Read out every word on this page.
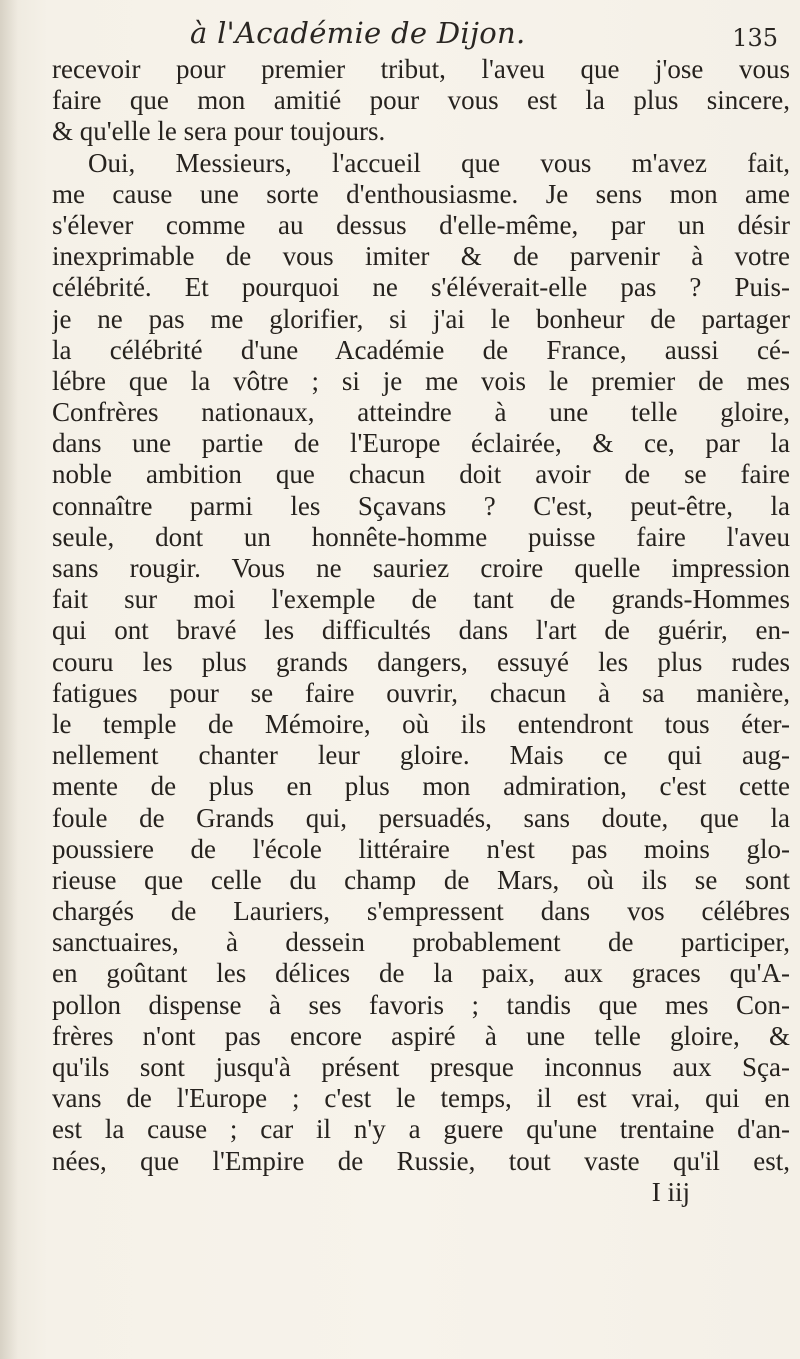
à l'Académie de Dijon.	135
recevoir pour premier tribut, l'aveu que j'ose vous
faire que mon amitié pour vous est la plus sincere,
& qu'elle le sera pour toujours.
Oui, Messieurs, l'accueil que vous m'avez fait,
me cause une sorte d'enthousiasme. Je sens mon ame
s'élever comme au dessus d'elle-même, par un désir
inexprimable de vous imiter & de parvenir à votre
célébrité. Et pourquoi ne s'éléverait-elle pas ? Puis-
je ne pas me glorifier, si j'ai le bonheur de partager
la célébrité d'une Académie de France, aussi cé-
lébre que la vôtre ; si je me vois le premier de mes
Confrères nationaux, atteindre à une telle gloire,
dans une partie de l'Europe éclairée, & ce, par la
noble ambition que chacun doit avoir de se faire
connaître parmi les Sçavans ? C'est, peut-être, la
seule, dont un honnête-homme puisse faire l'aveu
sans rougir. Vous ne sauriez croire quelle impression
fait sur moi l'exemple de tant de grands-Hommes
qui ont bravé les difficultés dans l'art de guérir, en-
couru les plus grands dangers, essuyé les plus rudes
fatigues pour se faire ouvrir, chacun à sa manière,
le temple de Mémoire, où ils entendront tous éter-
nellement chanter leur gloire. Mais ce qui aug-
mente de plus en plus mon admiration, c'est cette
foule de Grands qui, persuadés, sans doute, que la
poussiere de l'école littéraire n'est pas moins glo-
rieuse que celle du champ de Mars, où ils se sont
chargés de Lauriers, s'empressent dans vos célébres
sanctuaires, à dessein probablement de participer,
en goûtant les délices de la paix, aux graces qu'A-
pollon dispense à ses favoris ; tandis que mes Con-
frères n'ont pas encore aspiré à une telle gloire, &
qu'ils sont jusqu'à présent presque inconnus aux Sça-
vans de l'Europe ; c'est le temps, il est vrai, qui en
est la cause ; car il n'y a guere qu'une trentaine d'an-
nées, que l'Empire de Russie, tout vaste qu'il est,
I iij
